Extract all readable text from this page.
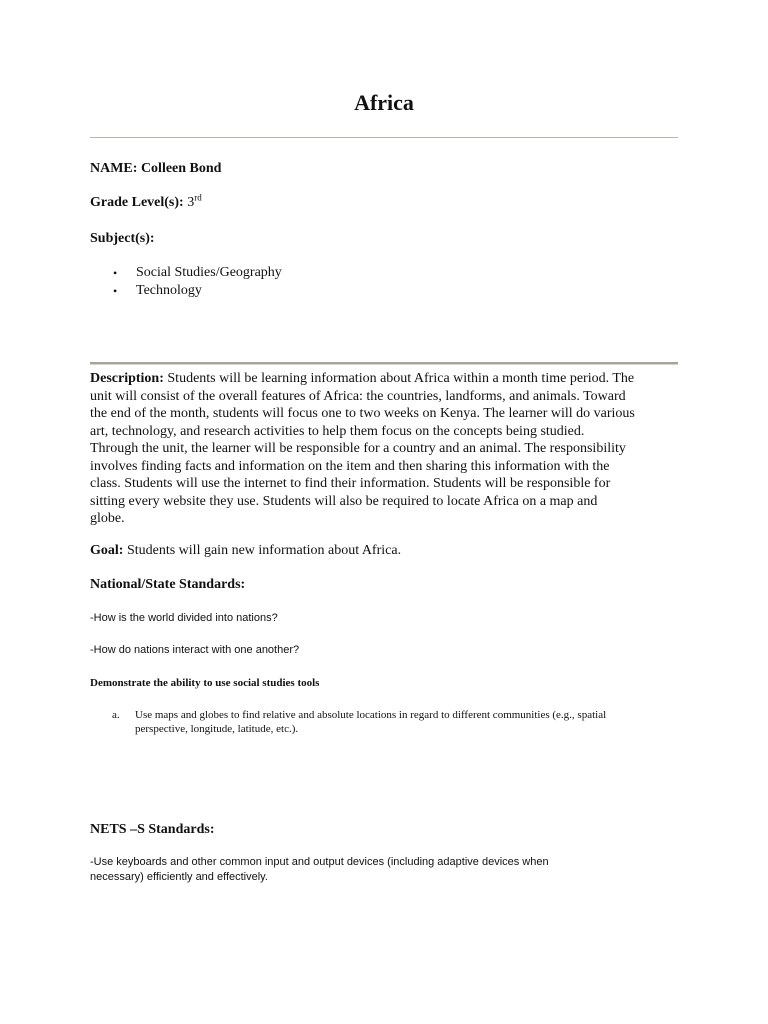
Africa

NAME: Colleen Bond

Grade Level(s): 3rd

Subject(s):

• Social Studies/Geography
• Technology

Description: Students will be learning information about Africa within a month time period. The
unit will consist of the overall features of Africa: the countries, landforms, and animals. Toward
the end of the month, students will focus one to two weeks on Kenya. The learner will do various
art, technology, and research activities to help them focus on the concepts being studied.
Through the unit, the learner will be responsible for a country and an animal. The responsibility
involves finding facts and information on the item and then sharing this information with the
class. Students will use the internet to find their information. Students will be responsible for
sitting every website they use. Students will also be required to locate Africa on a map and
globe.

Goal: Students will gain new information about Africa.

National/State Standards:

-How is the world divided into nations?

-How do nations interact with one another?

Demonstrate the ability to use social studies tools

a. Use maps and globes to find relative and absolute locations in regard to different communities (e.g., spatial
perspective, longitude, latitude, etc.).

NETS –S Standards:

-Use keyboards and other common input and output devices (including adaptive devices when
necessary) efficiently and effectively.
